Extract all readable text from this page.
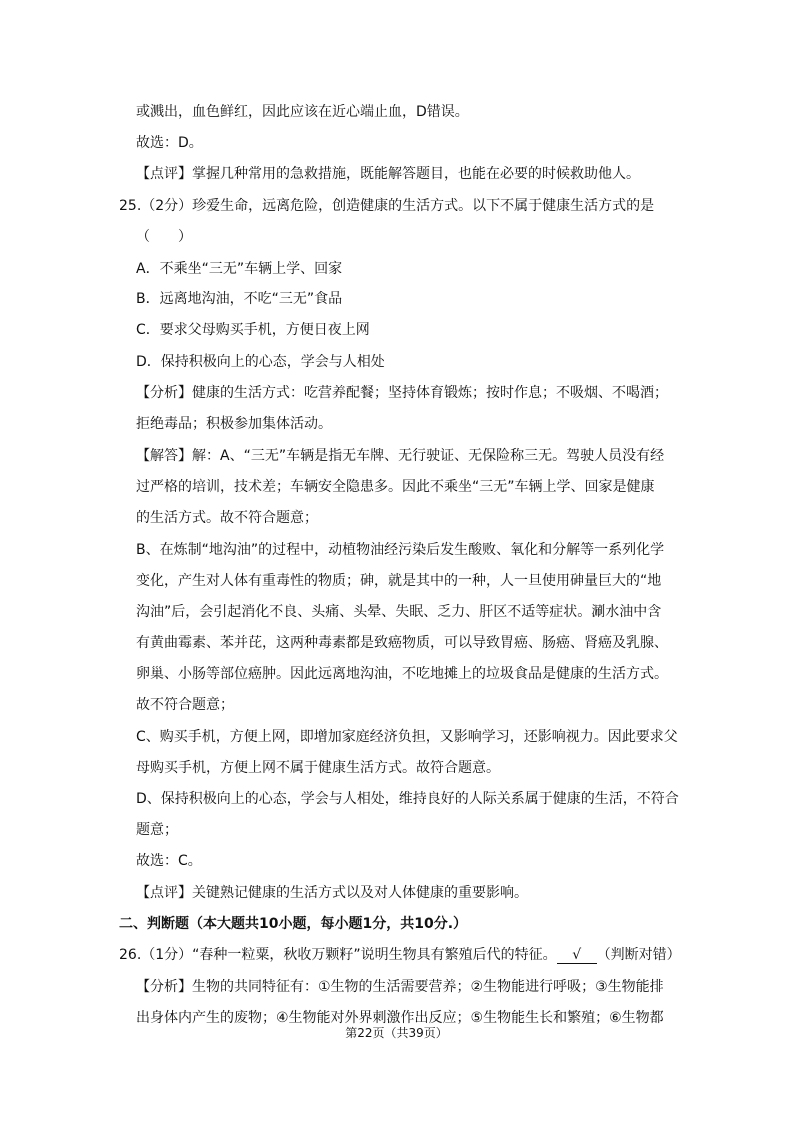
或溅出，血色鲜红，因此应该在近心端止血，D错误。
故选：D。
【点评】掌握几种常用的急救措施，既能解答题目，也能在必要的时候救助他人。
25.（2分）珍爱生命，远离危险，创造健康的生活方式。以下不属于健康生活方式的是
（　　）
A．不乘坐“三无”车辆上学、回家
B．远离地沟油，不吃“三无”食品
C．要求父母购买手机，方便日夜上网
D．保持积极向上的心态，学会与人相处
【分析】健康的生活方式：吃营养配餐；坚持体育锻炼；按时作息；不吸烟、不喝酒；
拒绝毒品；积极参加集体活动。
【解答】解：A、“三无”车辆是指无车牌、无行驶证、无保险称三无。驾驶人员没有经
过严格的培训，技术差；车辆安全隐患多。因此不乘坐“三无”车辆上学、回家是健康
的生活方式。故不符合题意；
B、在炼制“地沟油”的过程中，动植物油经污染后发生酸败、氧化和分解等一系列化学
变化，产生对人体有重毒性的物质；砷，就是其中的一种，人一旦使用砷量巨大的“地
沟油”后，会引起消化不良、头痛、头晕、失眠、乏力、肝区不适等症状。涮水油中含
有黄曲霉素、苯并芘，这两种毒素都是致癌物质，可以导致胃癌、肠癌、肾癌及乳腺、
卵巢、小肠等部位癌肿。因此远离地沟油，不吃地摊上的垃圾食品是健康的生活方式。
故不符合题意；
C、购买手机，方便上网，即增加家庭经济负担，又影响学习，还影响视力。因此要求父
母购买手机，方便上网不属于健康生活方式。故符合题意。
D、保持积极向上的心态，学会与人相处，维持良好的人际关系属于健康的生活，不符合
题意；
故选：C。
【点评】关键熟记健康的生活方式以及对人体健康的重要影响。
二、判断题（本大题共10小题，每小题1分，共10分.）
26.（1分）“春种一粒粟，秋收万颗籽”说明生物具有繁殖后代的特征。 √ （判断对错）
【分析】生物的共同特征有：①生物的生活需要营养；②生物能进行呼吸；③生物能排
出身体内产生的废物；④生物能对外界刺激作出反应；⑤生物能生长和繁殖；⑥生物都
第22页（共39页）
